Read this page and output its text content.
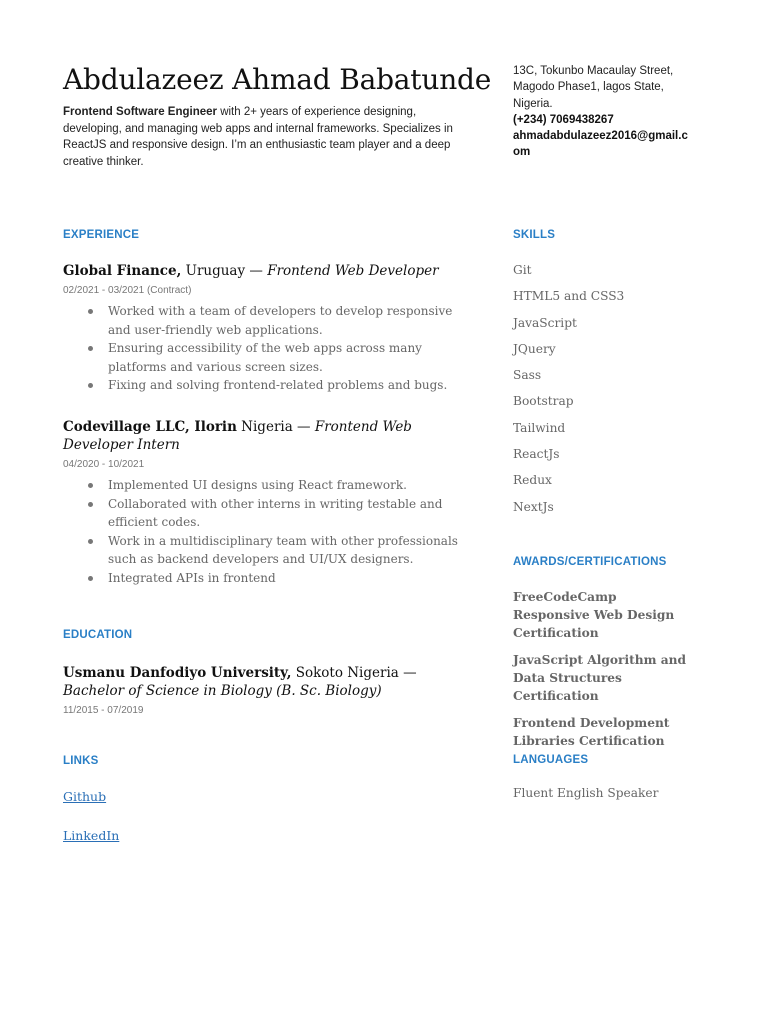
Abdulazeez Ahmad Babatunde
Frontend Software Engineer with 2+ years of experience designing, developing, and managing web apps and internal frameworks. Specializes in ReactJS and responsive design. I’m an enthusiastic team player and a deep creative thinker.
13C, Tokunbo Macaulay Street, Magodo Phase1, lagos State, Nigeria.
(+234) 7069438267
ahmadabdulazeez2016@gmail.com
EXPERIENCE
Global Finance, Uruguay — Frontend Web Developer
02/2021 - 03/2021 (Contract)
Worked with a team of developers to develop responsive and user-friendly web applications.
Ensuring accessibility of the web apps across many platforms and various screen sizes.
Fixing and solving frontend-related problems and bugs.
Codevillage LLC, Ilorin Nigeria — Frontend Web Developer Intern
04/2020 - 10/2021
Implemented UI designs using React framework.
Collaborated with other interns in writing testable and efficient codes.
Work in a multidisciplinary team with other professionals such as backend developers and UI/UX designers.
Integrated APIs in frontend
EDUCATION
Usmanu Danfodiyo University, Sokoto Nigeria — Bachelor of Science in Biology (B. Sc. Biology)
11/2015 - 07/2019
LINKS
Github
LinkedIn
SKILLS
Git
HTML5 and CSS3
JavaScript
JQuery
Sass
Bootstrap
Tailwind
ReactJs
Redux
NextJs
AWARDS/CERTIFICATIONS
FreeCodeCamp Responsive Web Design Certification
JavaScript Algorithm and Data Structures Certification
Frontend Development Libraries Certification
LANGUAGES
Fluent English Speaker
